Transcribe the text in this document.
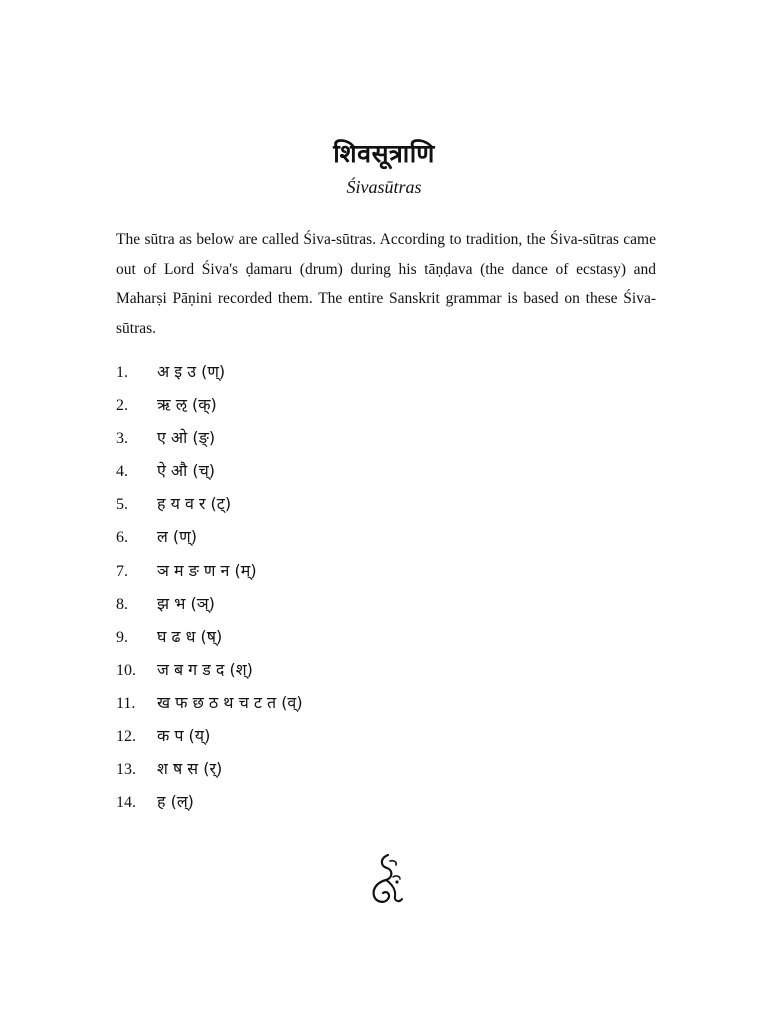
शिवसूत्राणि
Śivasūtras

The sūtra as below are called Śiva-sūtras. According to tradition, the Śiva-sūtras came out of Lord Śiva's ḍamaru (drum) during his tāṇḍava (the dance of ecstasy) and Maharṣi Pāṇini recorded them. The entire Sanskrit grammar is based on these Śiva-sūtras.

1.	अ इ उ (ण्)
2.	ऋ ऌ (क्)
3.	ए ओ (ङ्)
4.	ऐ औ (च्)
5.	ह य व र (ट्)
6.	ल (ण्)
7.	ञ म ङ ण न (म्)
8.	झ भ (ञ्)
9.	घ ढ ध (ष्)
10.	ज ब ग ड द (श्)
11.	ख फ छ ठ थ च ट त (व्)
12.	क प (य्)
13.	श ष स (र्)
14.	ह (ल्)
